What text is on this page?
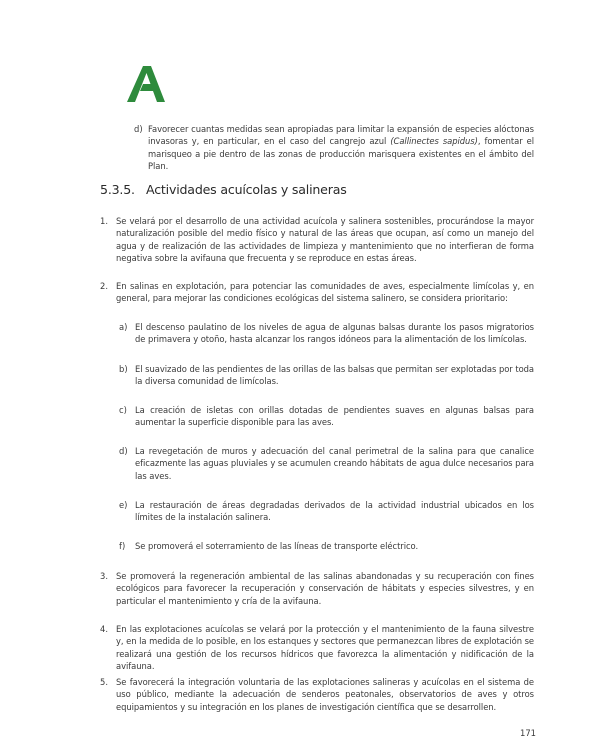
d) Favorecer cuantas medidas sean apropiadas para limitar la expansión de especies alóctonas invasoras y, en particular, en el caso del cangrejo azul (Callinectes sapidus), fomentar el marisqueo a pie dentro de las zonas de producción marisquera existentes en el ámbito del Plan.

5.3.5. Actividades acuícolas y salineras

1. Se velará por el desarrollo de una actividad acuícola y salinera sostenibles, procurándose la mayor naturalización posible del medio físico y natural de las áreas que ocupan, así como un manejo del agua y de realización de las actividades de limpieza y mantenimiento que no interfieran de forma negativa sobre la avifauna que frecuenta y se reproduce en estas áreas.

2. En salinas en explotación, para potenciar las comunidades de aves, especialmente limícolas y, en general, para mejorar las condiciones ecológicas del sistema salinero, se considera prioritario:

a) El descenso paulatino de los niveles de agua de algunas balsas durante los pasos migratorios de primavera y otoño, hasta alcanzar los rangos idóneos para la alimentación de los limícolas.

b) El suavizado de las pendientes de las orillas de las balsas que permitan ser explotadas por toda la diversa comunidad de limícolas.

c) La creación de isletas con orillas dotadas de pendientes suaves en algunas balsas para aumentar la superficie disponible para las aves.

d) La revegetación de muros y adecuación del canal perimetral de la salina para que canalice eficazmente las aguas pluviales y se acumulen creando hábitats de agua dulce necesarios para las aves.

e) La restauración de áreas degradadas derivados de la actividad industrial ubicados en los límites de la instalación salinera.

f) Se promoverá el soterramiento de las líneas de transporte eléctrico.

3. Se promoverá la regeneración ambiental de las salinas abandonadas y su recuperación con fines ecológicos para favorecer la recuperación y conservación de hábitats y especies silvestres, y en particular el mantenimiento y cría de la avifauna.

4. En las explotaciones acuícolas se velará por la protección y el mantenimiento de la fauna silvestre y, en la medida de lo posible, en los estanques y sectores que permanezcan libres de explotación se realizará una gestión de los recursos hídricos que favorezca la alimentación y nidificación de la avifauna.

5. Se favorecerá la integración voluntaria de las explotaciones salineras y acuícolas en el sistema de uso público, mediante la adecuación de senderos peatonales, observatorios de aves y otros equipamientos y su integración en los planes de investigación científica que se desarrollen.

171
